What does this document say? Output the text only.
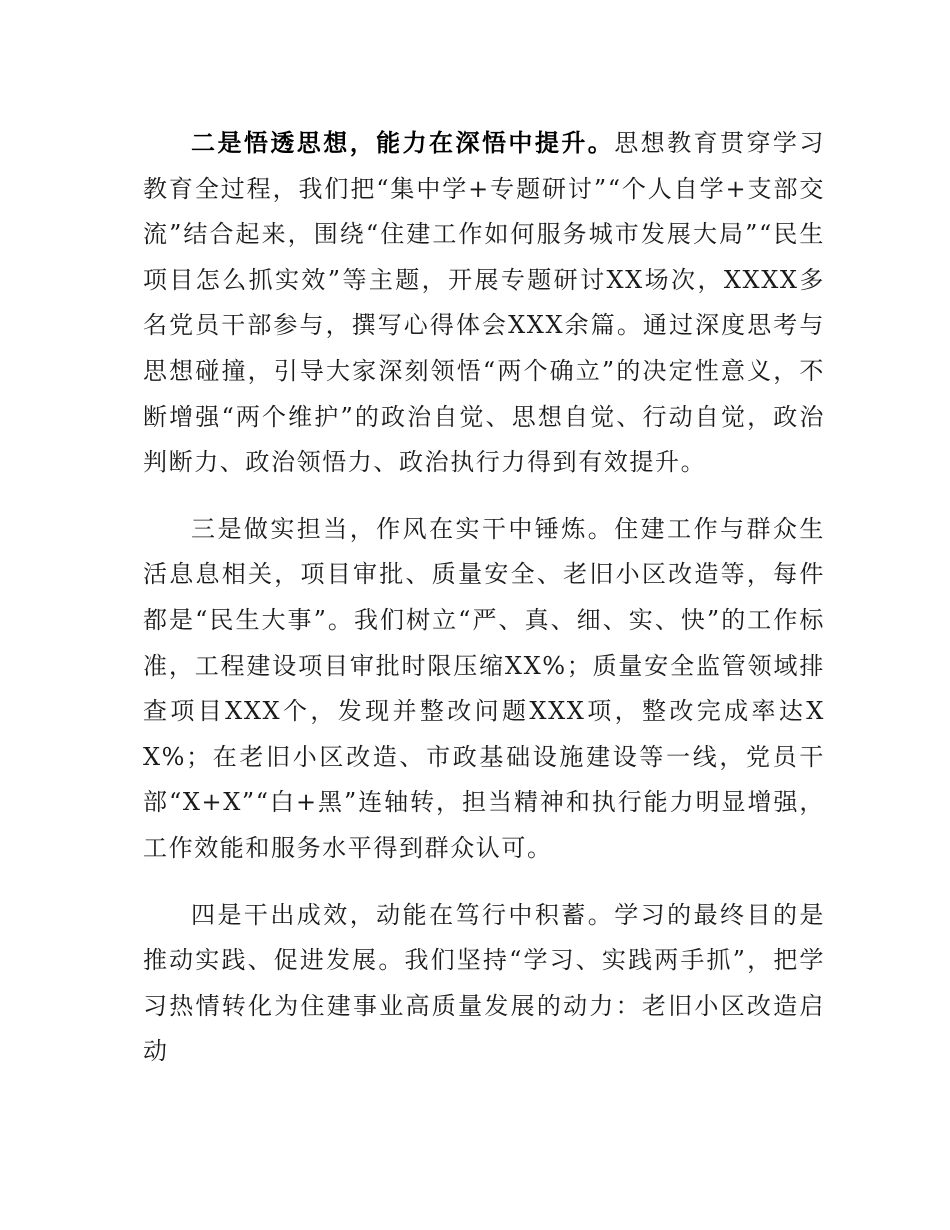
二是悟透思想，能力在深悟中提升。思想教育贯穿学习教育全过程，我们把“集中学+专题研讨”“个人自学+支部交流”结合起来，围绕“住建工作如何服务城市发展大局”“民生项目怎么抓实效”等主题，开展专题研讨XX场次，XXXX多名党员干部参与，撰写心得体会XXX余篇。通过深度思考与思想碰撞，引导大家深刻领悟“两个确立”的决定性意义，不断增强“两个维护”的政治自觉、思想自觉、行动自觉，政治判断力、政治领悟力、政治执行力得到有效提升。

三是做实担当，作风在实干中锤炼。住建工作与群众生活息息相关，项目审批、质量安全、老旧小区改造等，每件都是“民生大事”。我们树立“严、真、细、实、快”的工作标准，工程建设项目审批时限压缩XX%；质量安全监管领域排查项目XXX个，发现并整改问题XXX项，整改完成率达XX%；在老旧小区改造、市政基础设施建设等一线，党员干部“X+X”“白+黑”连轴转，担当精神和执行能力明显增强，工作效能和服务水平得到群众认可。

四是干出成效，动能在笃行中积蓄。学习的最终目的是推动实践、促进发展。我们坚持“学习、实践两手抓”，把学习热情转化为住建事业高质量发展的动力：老旧小区改造启动
